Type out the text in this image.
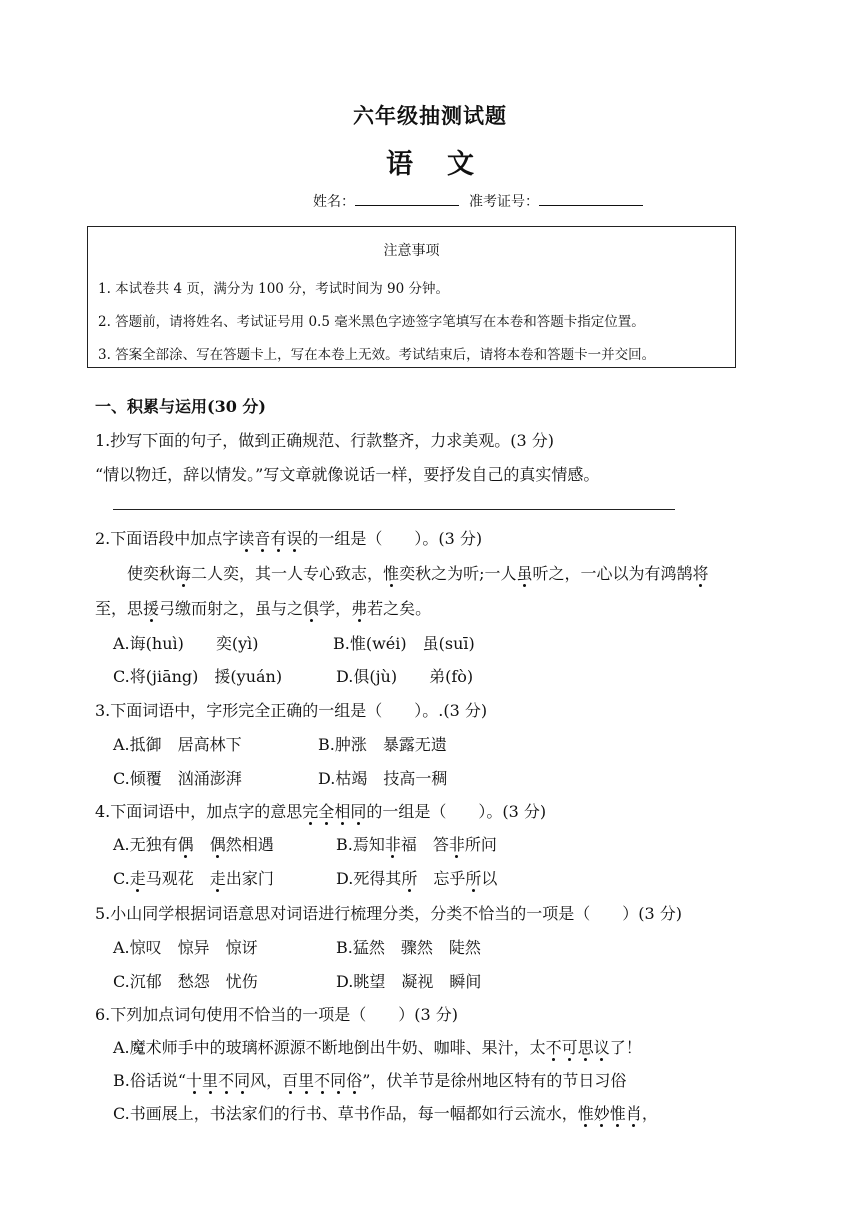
六年级抽测试题
语 文
姓名：	准考证号：
注意事项
1. 本试卷共 4 页，满分为 100 分，考试时间为 90 分钟。
2. 答题前，请将姓名、考试证号用 0.5 毫米黑色字迹签字笔填写在本卷和答题卡指定位置。
3. 答案全部涂、写在答题卡上，写在本卷上无效。考试结束后，请将本卷和答题卡一并交回。
一、积累与运用(30 分)
1.抄写下面的句子，做到正确规范、行款整齐，力求美观。(3 分)
“情以物迁，辞以情发。”写文章就像说话一样，要抒发自己的真实情感。
2.下面语段中加点字读音有误的一组是（　　）。(3 分)
　　使奕秋诲二人奕，其一人专心致志，惟奕秋之为听;一人虽听之，一心以为有鸿鹄将
至，思援弓缴而射之，虽与之俱学，弗若之矣。
A.诲(huì)　　奕(yì)	B.惟(wéi)　虽(suī)
C.将(jiāng)　援(yuán)	D.俱(jù)　　弟(fò)
3.下面词语中，字形完全正确的一组是（　　）。.(3 分)
A.抵御　居高林下	B.肿涨　暴露无遗
C.倾覆　汹涌澎湃	D.枯竭　技高一稠
4.下面词语中，加点字的意思完全相同的一组是（　　）。(3 分)
A.无独有偶　 偶然相遇	B.焉知非福　答非所问
C.走马观花　走出家门	D.死得其所　忘乎所以
5.小山同学根据词语意思对词语进行梳理分类，分类不恰当的一项是（　　）(3 分)
A.惊叹　惊异　惊讶	B.猛然　骤然　陡然
C.沉郁　愁怨　忧伤	D.眺望　凝视　瞬间
6.下列加点词句使用不恰当的一项是（　　）(3 分)
A.魔术师手中的玻璃杯源源不断地倒出牛奶、咖啡、果汁，太不可思议了！
B.俗话说“十里不同风，百里不同俗”，伏羊节是徐州地区特有的节日习俗
C.书画展上，书法家们的行书、草书作品，每一幅都如行云流水，惟妙惟肖，
